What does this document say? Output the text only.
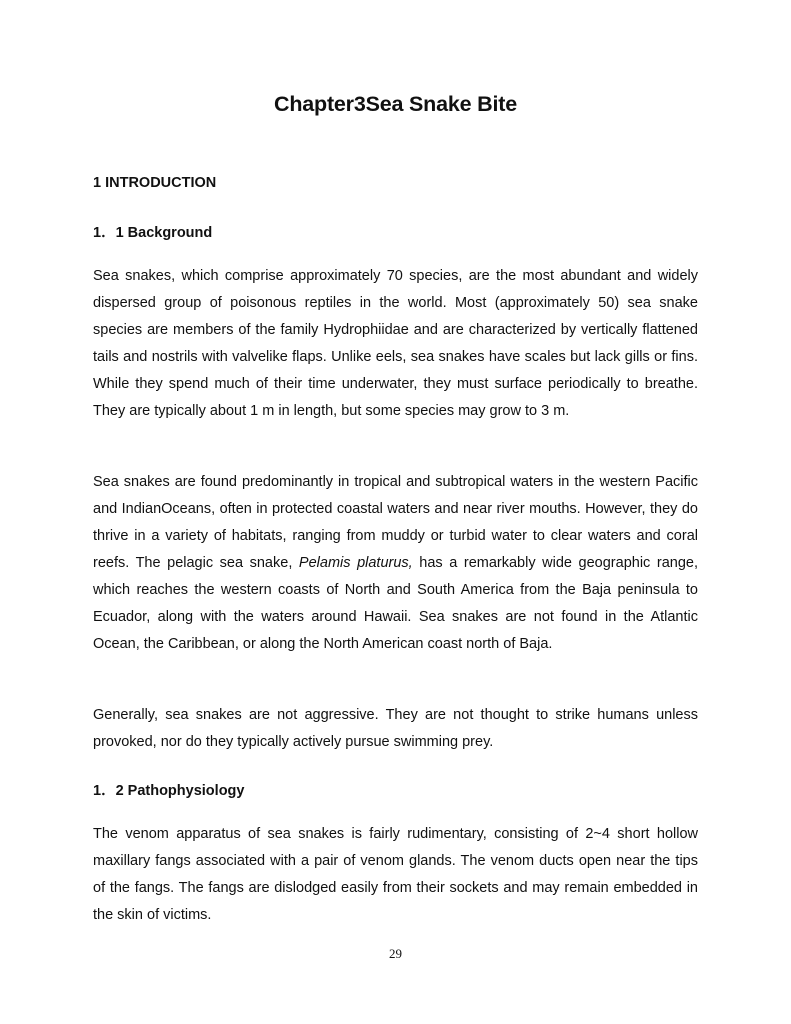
Chapter3Sea Snake Bite
1 INTRODUCTION
1．1 Background
Sea snakes, which comprise approximately 70 species, are the most abundant and widely dispersed group of poisonous reptiles in the world. Most (approximately 50) sea snake species are members of the family Hydrophiidae and are characterized by vertically flattened tails and nostrils with valvelike flaps. Unlike eels, sea snakes have scales but lack gills or fins. While they spend much of their time underwater, they must surface periodically to breathe. They are typically about 1 m in length, but some species may grow to 3 m.
Sea snakes are found predominantly in tropical and subtropical waters in the western Pacific and IndianOceans, often in protected coastal waters and near river mouths. However, they do thrive in a variety of habitats, ranging from muddy or turbid water to clear waters and coral reefs. The pelagic sea snake, Pelamis platurus, has a remarkably wide geographic range, which reaches the western coasts of North and South America from the Baja peninsula to Ecuador, along with the waters around Hawaii. Sea snakes are not found in the Atlantic Ocean, the Caribbean, or along the North American coast north of Baja.
Generally, sea snakes are not aggressive. They are not thought to strike humans unless provoked, nor do they typically actively pursue swimming prey.
1．2 Pathophysiology
The venom apparatus of sea snakes is fairly rudimentary, consisting of 2~4 short hollow maxillary fangs associated with a pair of venom glands. The venom ducts open near the tips of the fangs. The fangs are dislodged easily from their sockets and may remain embedded in the skin of victims.
29
